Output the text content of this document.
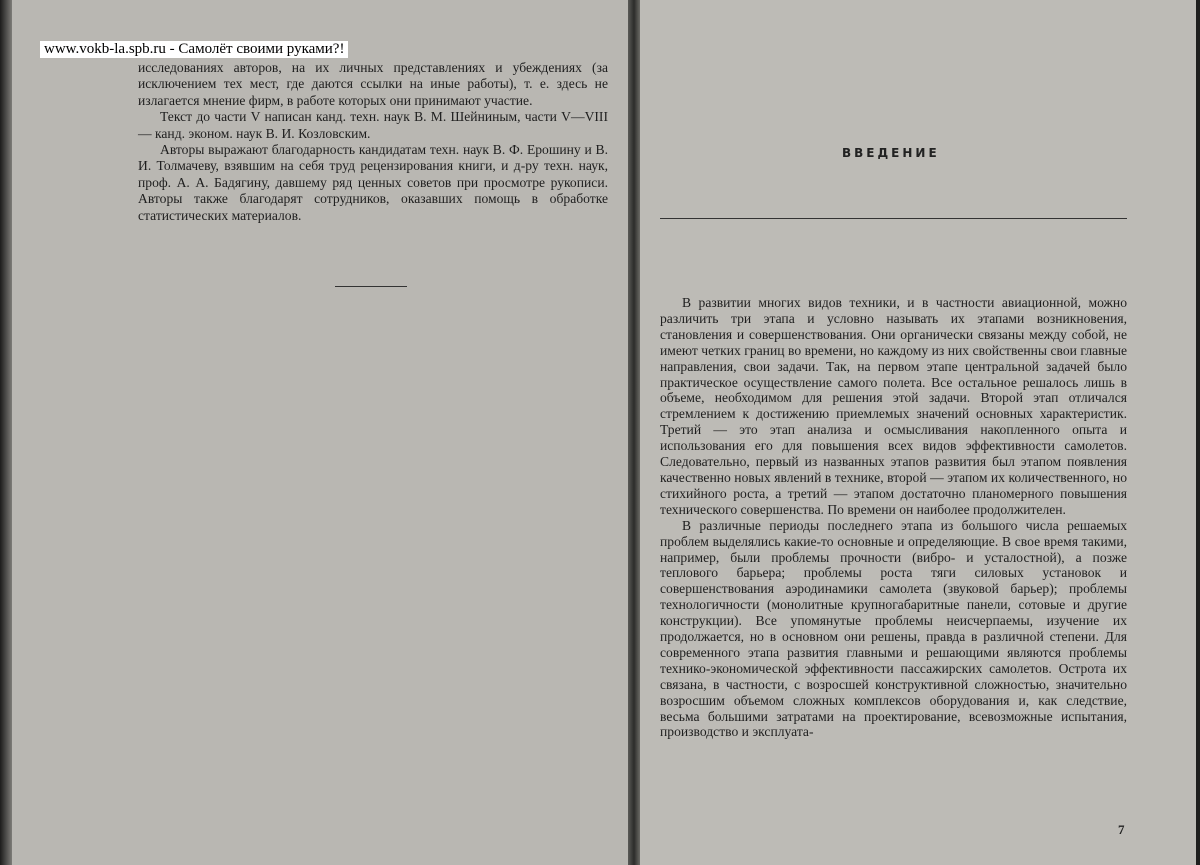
исследованиях авторов, на их личных представлениях и убеждениях (за исключением тех мест, где даются ссылки на иные работы), т. е. здесь не излагается мнение фирм, в работе которых они принимают участие.

Текст до части V написан канд. техн. наук В. М. Шейниным, части V—VIII — канд. эконом. наук В. И. Козловским.

Авторы выражают благодарность кандидатам техн. наук В. Ф. Ерошину и В. И. Толмачеву, взявшим на себя труд рецензирования книги, и д-ру техн. наук, проф. А. А. Бадягину, давшему ряд ценных советов при просмотре рукописи. Авторы также благодарят сотрудников, оказавших помощь в обработке статистических материалов.

www.vokb-la.spb.ru - Самолёт своими руками?!
ВВЕДЕНИЕ

В развитии многих видов техники, и в частности авиационной, можно различить три этапа и условно называть их этапами возникновения, становления и совершенствования. Они органически связаны между собой, не имеют четких границ во времени, но каждому из них свойственны свои главные направления, свои задачи. Так, на первом этапе центральной задачей было практическое осуществление самого полета. Все остальное решалось лишь в объеме, необходимом для решения этой задачи. Второй этап отличался стремлением к достижению приемлемых значений основных характеристик. Третий — это этап анализа и осмысливания накопленного опыта и использования его для повышения всех видов эффективности самолетов. Следовательно, первый из названных этапов развития был этапом появления качественно новых явлений в технике, второй — этапом их количественного, но стихийного роста, а третий — этапом достаточно планомерного повышения технического совершенства. По времени он наиболее продолжителен.

В различные периоды последнего этапа из большого числа решаемых проблем выделялись какие-то основные и определяющие. В свое время такими, например, были проблемы прочности (вибро- и усталостной), а позже теплового барьера; проблемы роста тяги силовых установок и совершенствования аэродинамики самолета (звуковой барьер); проблемы технологичности (монолитные крупногабаритные панели, сотовые и другие конструкции). Все упомянутые проблемы неисчерпаемы, изучение их продолжается, но в основном они решены, правда в различной степени. Для современного этапа развития главными и решающими являются проблемы технико-экономической эффективности пассажирских самолетов. Острота их связана, в частности, с возросшей конструктивной сложностью, значительно возросшим объемом сложных комплексов оборудования и, как следствие, весьма большими затратами на проектирование, всевозможные испытания, производство и эксплуата-

7
